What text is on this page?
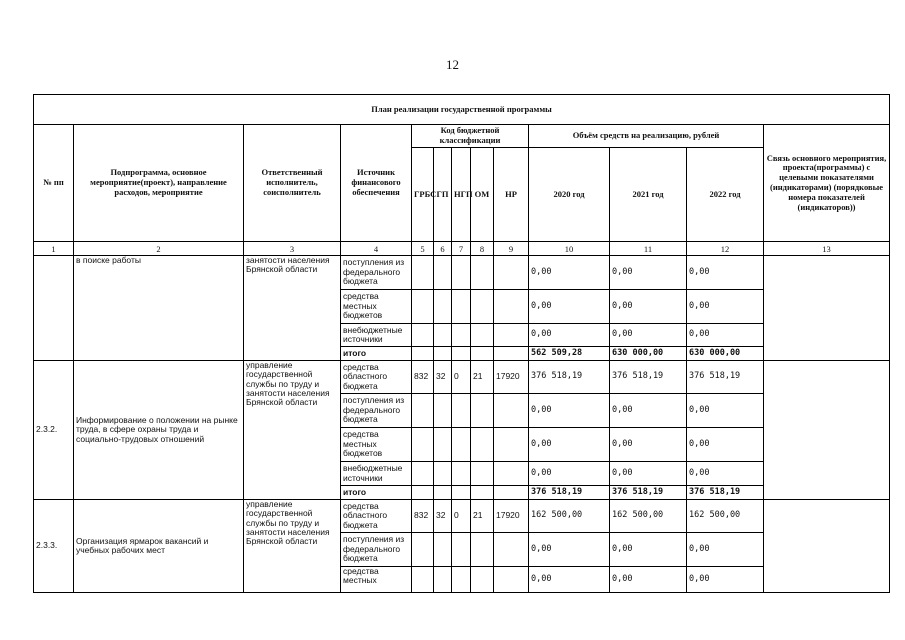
12
План реализации государственной программы												
№ пп	Подпрограмма, основное мероприятие(проект), направление расходов, мероприятие	Ответственный исполнитель, соисполнитель	Источник финансового обеспечения	Код бюджетной классификации					Объём средств на реализацию, рублей			Связь основного мероприятия, проекта(программы) с целевыми показателями (индикаторами) (порядковые номера показателей (индикаторов))
				ГРБС	ГП	НГП	ОМ	НР	2020 год	2021 год	2022 год	
1	2	3	4	5	6	7	8	9	10	11	12	13
	в поиске работы	занятости населения Брянской области	поступления из федерального бюджета						0,00	0,00	0,00	
			средства местных бюджетов						0,00	0,00	0,00	
			внебюджетные источники						0,00	0,00	0,00	
			итого						562 509,28	630 000,00	630 000,00	
2.3.2.	Информирование о положении на рынке труда, в сфере охраны труда и социально-трудовых отношений	управление государственной службы по труду и занятости населения Брянской области	средства областного бюджета	832	32	0	21	17920	376 518,19	376 518,19	376 518,19	
			поступления из федерального бюджета						0,00	0,00	0,00	
			средства местных бюджетов						0,00	0,00	0,00	
			внебюджетные источники						0,00	0,00	0,00	
			итого						376 518,19	376 518,19	376 518,19	
2.3.3.	Организация ярмарок вакансий и учебных рабочих мест	управление государственной службы по труду и занятости населения Брянской области	средства областного бюджета	832	32	0	21	17920	162 500,00	162 500,00	162 500,00	
			поступления из федерального бюджета						0,00	0,00	0,00	
			средства местных						0,00	0,00	0,00	
